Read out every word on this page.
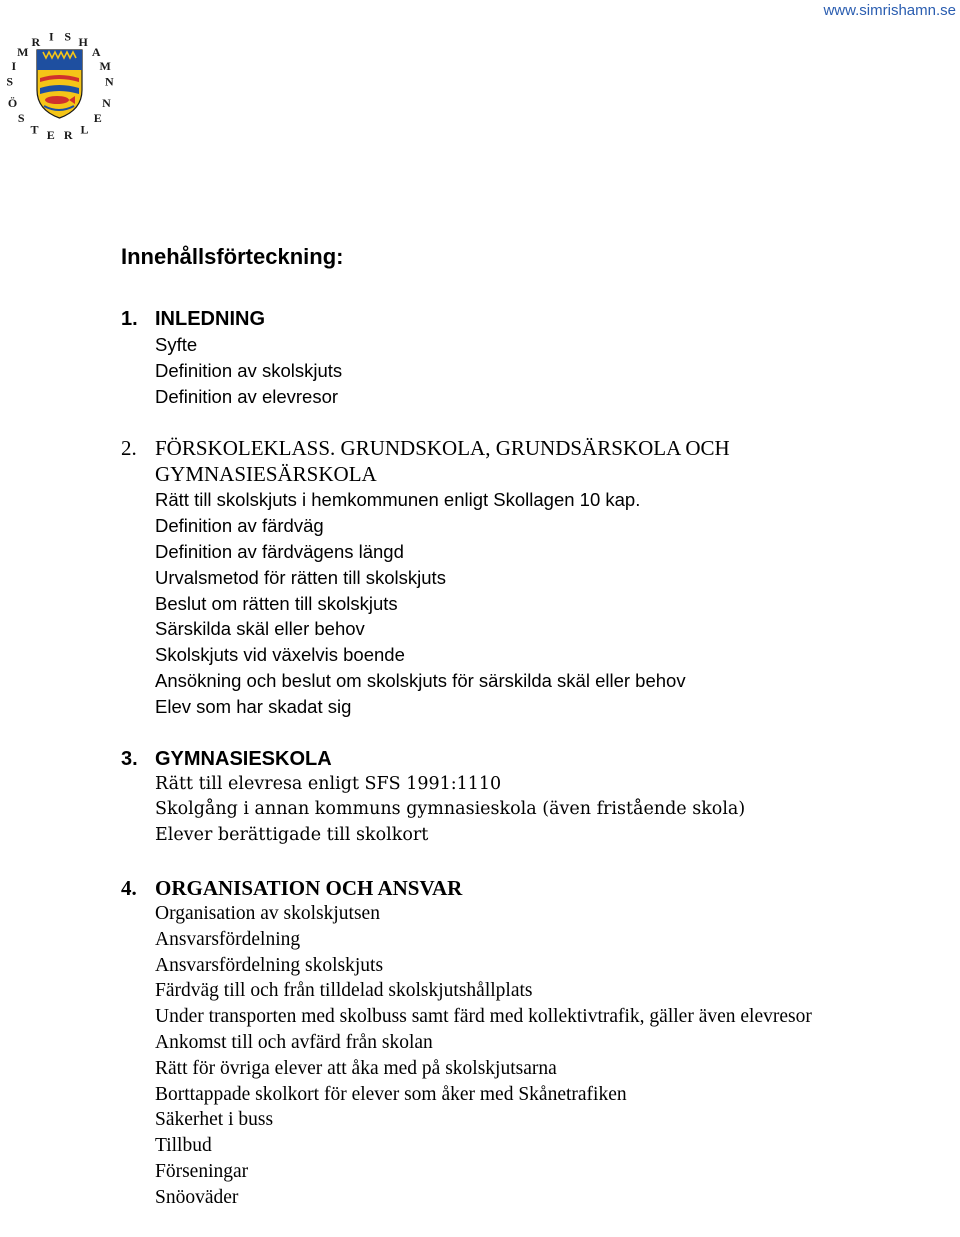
www.simrishamn.se
S
I
M
R I S H
A
M
N
Ö
S
T E R L
E
N
Innehållsförteckning:
1. INLEDNING
Syfte
Definition av skolskjuts
Definition av elevresor
2. FÖRSKOLEKLASS. GRUNDSKOLA, GRUNDSÄRSKOLA OCH GYMNASIESÄRSKOLA
Rätt till skolskjuts i hemkommunen enligt Skollagen 10 kap.
Definition av färdväg
Definition av färdvägens längd
Urvalsmetod för rätten till skolskjuts
Beslut om rätten till skolskjuts
Särskilda skäl eller behov
Skolskjuts vid växelvis boende
Ansökning och beslut om skolskjuts för särskilda skäl eller behov
Elev som har skadat sig
3. GYMNASIESKOLA
Rätt till elevresa enligt SFS 1991:1110
Skolgång i annan kommuns gymnasieskola (även fristående skola)
Elever berättigade till skolkort
4. ORGANISATION OCH ANSVAR
Organisation av skolskjutsen
Ansvarsfördelning
Ansvarsfördelning skolskjuts
Färdväg till och från tilldelad skolskjutshållplats
Under transporten med skolbuss samt färd med kollektivtrafik, gäller även elevresor
Ankomst till och avfärd från skolan
Rätt för övriga elever att åka med på skolskjutsarna
Borttappade skolkort för elever som åker med Skånetrafiken
Säkerhet i buss
Tillbud
Förseningar
Snöoväder
